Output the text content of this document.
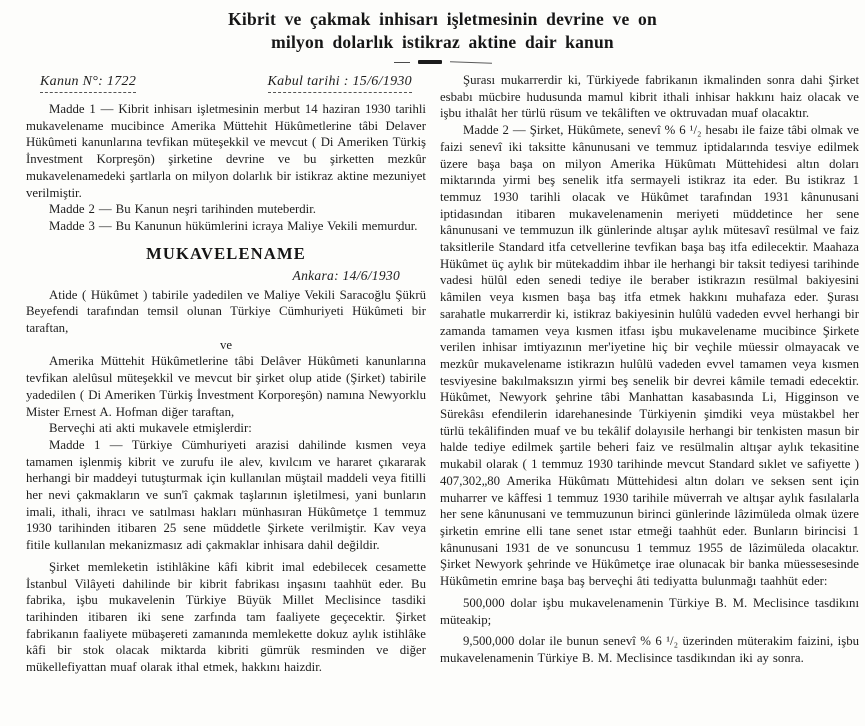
Kibrit ve çakmak inhisarı işletmesinin devrine ve on
milyon dolarlık istikraz aktine dair kanun
Kanun N°: 1722	Kabul tarihi : 15/6/1930

Madde 1 — Kibrit inhisarı işletmesinin merbut 14 haziran 1930 tarihli mukavelename mucibince Amerika Müttehit Hükûmetlerine tâbi Delaver Hükûmeti kanunlarına tevfikan müteşekkil ve mevcut ( Di Ameriken Türkiş İnvestment Korpreşön) şirketine devrine ve bu şirketten mezkûr mukavelenamedeki şartlarla on milyon dolarlık bir istikraz aktine mezuniyet verilmiştir.

Madde 2 — Bu Kanun neşri tarihinden muteberdir.

Madde 3 — Bu Kanunun hükümlerini icraya Maliye Vekili memurdur.

MUKAVELENAME
Ankara: 14/6/1930

Atide ( Hükûmet ) tabirile yadedilen ve Maliye Vekili Saracoğlu Şükrü Beyefendi tarafından temsil olunan Türkiye Cümhuriyeti Hükûmeti bir taraftan,

ve

Amerika Müttehit Hükûmetlerine tâbi Delâver Hükûmeti kanunlarına tevfikan alelûsul müteşekkil ve mevcut bir şirket olup atide (Şirket) tabirile yadedilen ( Di Ameriken Türkiş İnvestment Korporeşön) namına Newyorklu Mister Ernest A. Hofman diğer taraftan,

Berveçhi ati akti mukavele etmişlerdir:

Madde 1 — Türkiye Cümhuriyeti arazisi dahilinde kısmen veya tamamen işlenmiş kibrit ve zurufu ile alev, kıvılcım ve hararet çıkararak herhangi bir maddeyi tutuşturmak için kullanılan müştail maddeli veya fitilli her nevi çakmakların ve sun'î çakmak taşlarının işletilmesi, yani bunların imali, ithali, ihracı ve satılması hakları münhasıran Hükûmetçe 1 temmuz 1930 tarihinden itibaren 25 sene müddetle Şirkete verilmiştir. Kav veya fitile kullanılan mekanizmasız adi çakmaklar inhisara dahil değildir.

Şirket memleketin istihlâkine kâfi kibrit imal edebilecek cesamette İstanbul Vilâyeti dahilinde bir kibrit fabrikası inşasını taahhüt eder. Bu fabrika, işbu mukavelenin Türkiye Büyük Millet Meclisince tasdiki tarihinden itibaren iki sene zarfında tam faaliyete geçecektir. Şirket fabrikanın faaliyete mübaşereti zamanında memlekette dokuz aylık istihlâke kâfi bir stok olacak miktarda kibriti gümrük resminden ve diğer mükellefiyattan muaf olarak ithal etmek, hakkını haizdir.

Şurası mukarrerdir ki, Türkiyede fabrikanın ikmalinden sonra dahi Şirket esbabı mücbire hudusunda mamul kibrit ithali inhisar hakkını haiz olacak ve işbu ithalât her türlü rüsum ve tekâliften ve oktruvadan muaf olacaktır.

Madde 2 — Şirket, Hükûmete, senevî % 6 ¹/₂ hesabı ile faize tâbi olmak ve faizi senevî iki taksitte kânunusani ve temmuz iptidalarında tesviye edilmek üzere başa başa on milyon Amerika Hükûmatı Müttehidesi altın doları miktarında yirmi beş senelik itfa sermayeli istikraz ita eder. Bu istikraz 1 temmuz 1930 tarihli olacak ve Hükûmet tarafından 1931 kânunusani iptidasından itibaren mukavelenamenin meriyeti müddetince her sene kânunusani ve temmuzun ilk günlerinde altışar aylık mütesavî resülmal ve faiz taksitlerile Standard itfa cetvellerine tevfikan başa baş itfa edilecektir. Maahaza Hükûmet üç aylık bir mütekaddim ihbar ile herhangi bir taksit tediyesi tarihinde vadesi hülûl eden senedi tediye ile beraber istikrazın resülmal bakiyesini kâmilen veya kısmen başa baş itfa etmek hakkını muhafaza eder. Şurası sarahatle mukarrerdir ki, istikraz bakiyesinin hulûlü vadeden evvel herhangi bir zamanda tamamen veya kısmen itfası işbu mukavelename mucibince Şirkete verilen inhisar imtiyazının mer'iyetine hiç bir veçhile müessir olmayacak ve mezkûr mukavelename istikrazın hulûlü vadeden evvel tamamen veya kısmen tesviyesine bakılmaksızın yirmi beş senelik bir devrei kâmile temadi edecektir. Hükûmet, Newyork şehrine tâbi Manhattan kasabasında Li, Higginson ve Sürekâsı efendilerin idarehanesinde Türkiyenin şimdiki veya müstakbel her türlü tekâlifinden muaf ve bu tekâlif dolayısile herhangi bir tenkisten masun bir halde tediye edilmek şartile beheri faiz ve resülmalin altışar aylık tekasitine mukabil olarak ( 1 temmuz 1930 tarihinde mevcut Standard sıklet ve safiyette ) 407,302„80 Amerika Hükûmatı Müttehidesi altın doları ve seksen sent için muharrer ve kâffesi 1 temmuz 1930 tarihile müverrah ve altışar aylık fasılalarla her sene kânunusani ve temmuzunun birinci günlerinde lâzimüleda olmak üzere şirketin emrine elli tane senet ıstar etmeği taahhüt eder. Bunların birincisi 1 kânunusani 1931 de ve sonuncusu 1 temmuz 1955 de lâzimüleda olacaktır. Şirket Newyork şehrinde ve Hükûmetçe irae olunacak bir banka müessesesinde Hükûmetin emrine başa baş berveçhi âti tediyatta bulunmağı taahhüt eder:

500,000 dolar işbu mukavelenamenin Türkiye B. M. Meclisince tasdikını müteakip;

9,500,000 dolar ile bunun senevî % 6 ¹/₂ üzerinden müterakim faizini, işbu mukavelenamenin Türkiye B. M. Meclisince tasdikından iki ay sonra.
